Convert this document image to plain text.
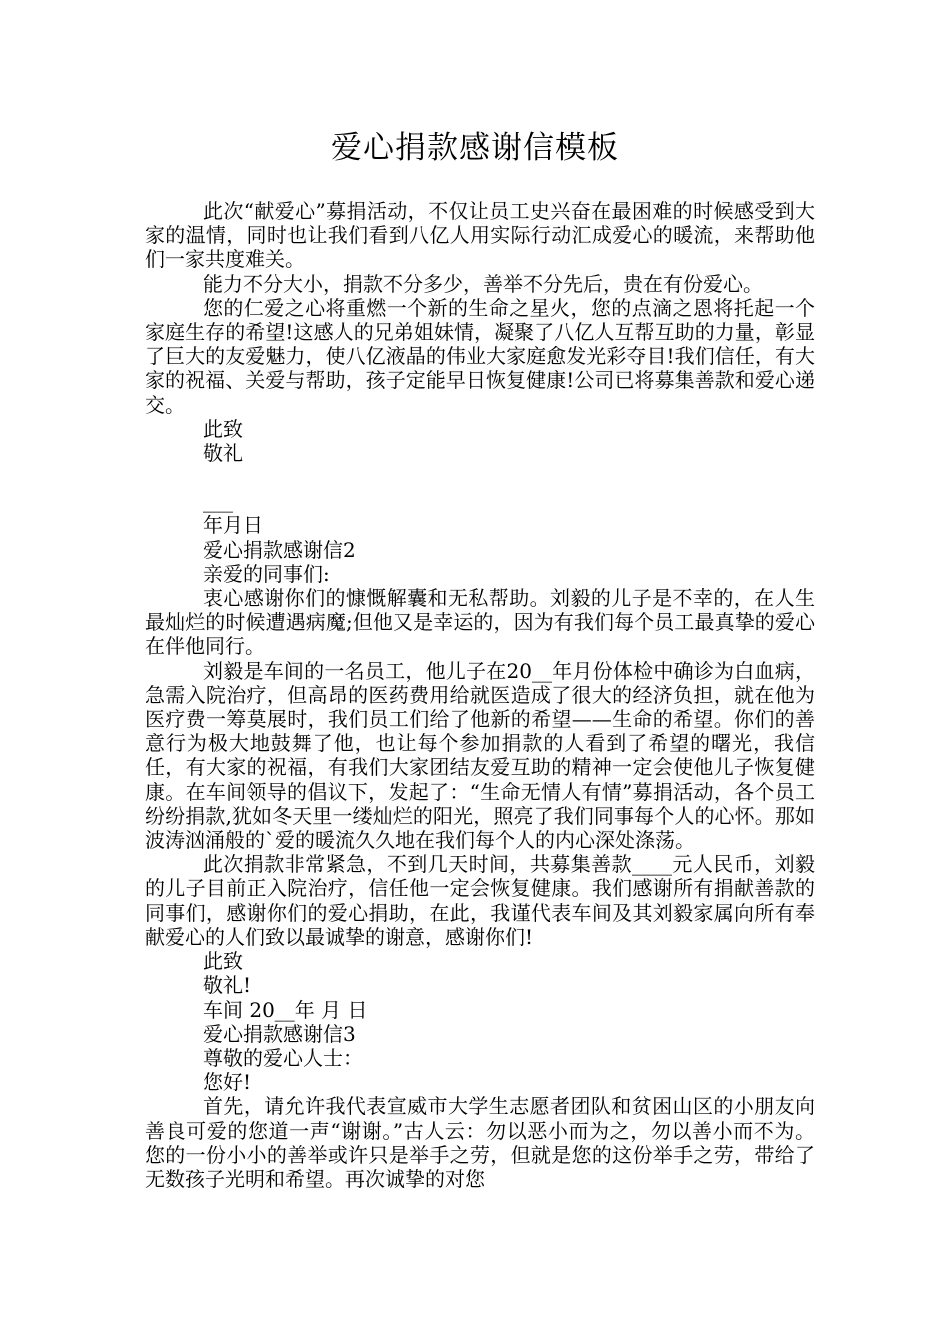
爱心捐款感谢信模板

此次“献爱心”募捐活动，不仅让员工史兴奋在最困难的时候感受到大家的温情，同时也让我们看到八亿人用实际行动汇成爱心的暖流，来帮助他们一家共度难关。

能力不分大小，捐款不分多少，善举不分先后，贵在有份爱心。

您的仁爱之心将重燃一个新的生命之星火，您的点滴之恩将托起一个家庭生存的希望!这感人的兄弟姐妹情，凝聚了八亿人互帮互助的力量，彰显了巨大的友爱魅力，使八亿液晶的伟业大家庭愈发光彩夺目!我们信任，有大家的祝福、关爱与帮助，孩子定能早日恢复健康!公司已将募集善款和爱心递交。

此致

敬礼

___

年月日

爱心捐款感谢信2

亲爱的同事们:

衷心感谢你们的慷慨解囊和无私帮助。刘毅的儿子是不幸的，在人生最灿烂的时候遭遇病魔;但他又是幸运的，因为有我们每个员工最真挚的爱心在伴他同行。

刘毅是车间的一名员工，他儿子在20__年月份体检中确诊为白血病，急需入院治疗，但高昂的医药费用给就医造成了很大的经济负担，就在他为医疗费一筹莫展时，我们员工们给了他新的希望——生命的希望。你们的善意行为极大地鼓舞了他，也让每个参加捐款的人看到了希望的曙光，我信任，有大家的祝福，有我们大家团结友爱互助的精神一定会使他儿子恢复健康。在车间领导的倡议下，发起了：“生命无情人有情”募捐活动，各个员工纷纷捐款,犹如冬天里一缕灿烂的阳光，照亮了我们同事每个人的心怀。那如波涛汹涌般的`爱的暖流久久地在我们每个人的内心深处涤荡。

此次捐款非常紧急，不到几天时间，共募集善款____元人民币，刘毅的儿子目前正入院治疗，信任他一定会恢复健康。我们感谢所有捐献善款的同事们，感谢你们的爱心捐助，在此，我谨代表车间及其刘毅家属向所有奉献爱心的人们致以最诚挚的谢意，感谢你们!

此致

敬礼!

车间 20__年 月 日

爱心捐款感谢信3

尊敬的爱心人士：

您好!

首先，请允许我代表宣威市大学生志愿者团队和贫困山区的小朋友向善良可爱的您道一声“谢谢。”古人云：勿以恶小而为之，勿以善小而不为。您的一份小小的善举或许只是举手之劳，但就是您的这份举手之劳，带给了无数孩子光明和希望。再次诚挚的对您
